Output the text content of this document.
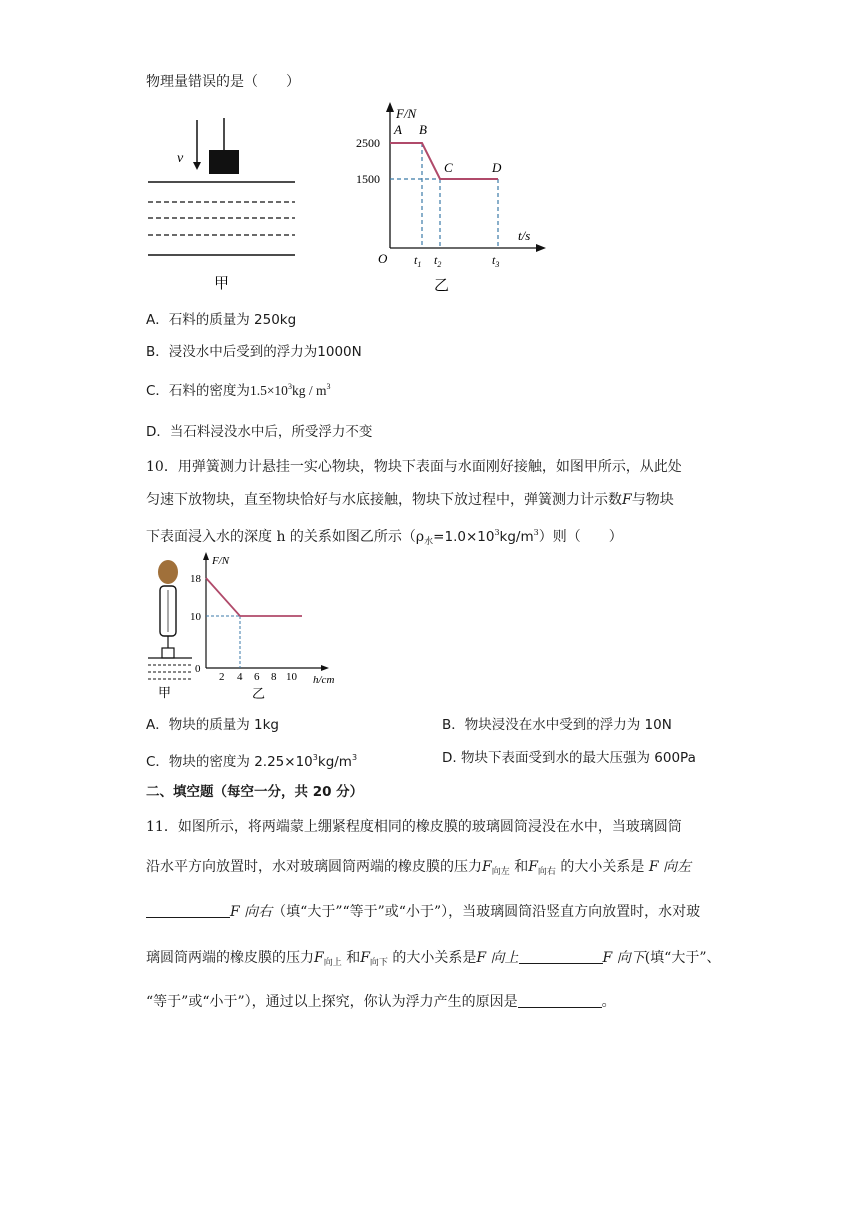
物理量错误的是（　　）
v
甲
F/N
t/s
O
2500
1500
A B
C	D
$t_1$ $t_2$	$t_3$
乙
A．石料的质量为 250kg
B．浸没水中后受到的浮力为1000N
C．石料的密度为$1.5\times 10^3kg / m^3$
D．当石料浸没水中后，所受浮力不变
10．用弹簧测力计悬挂一实心物块，物块下表面与水面刚好接触，如图甲所示，从此处
匀速下放物块，直至物块恰好与水底接触，物块下放过程中，弹簧测力计示数F与物块
下表面浸入水的深度 h 的关系如图乙所示$(\rho_水=1.0\times 10^3kg/m^3)$则（　　）
甲
F/N
h/cm
18
10
0
2 4 6 8 10
乙
A．物块的质量为 1kg	B．物块浸没在水中受到的浮力为 10N
C．物块的密度为 $2.25\times 10^3kg/m^3$	D. 物块下表面受到水的最大压强为 600Pa
二、填空题（每空一分，共 20 分）
11．如图所示，将两端蒙上绷紧程度相同的橡皮膜的玻璃圆筒浸没在水中，当玻璃圆筒
沿水平方向放置时，水对玻璃圆筒两端的橡皮膜的压力$F_{向左}$ 和$F_{向右}$ 的大小关系是 F 向左
F 向右（填“大于”“等于”或“小于”），当玻璃圆筒沿竖直方向放置时，水对玻
璃圆筒两端的橡皮膜的压力$F_{向上}$ 和$F_{向下}$ 的大小关系是F 向上	F 向下(填“大于”、
“等于”或“小于”），通过以上探究，你认为浮力产生的原因是	。
